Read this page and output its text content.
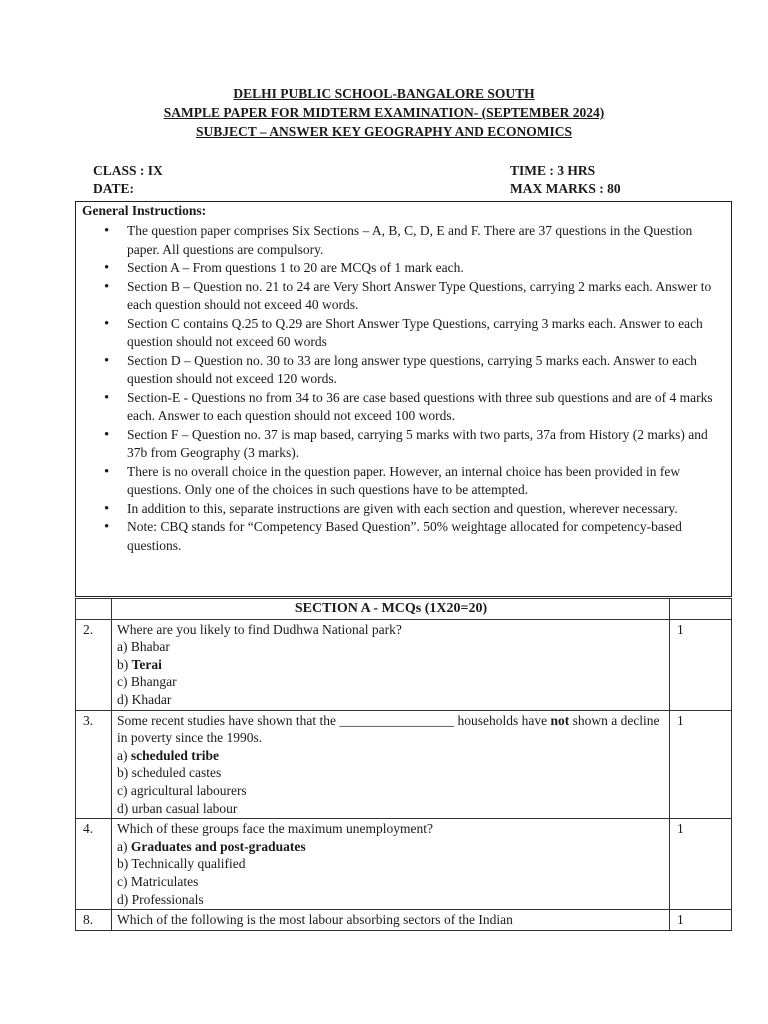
DELHI PUBLIC SCHOOL-BANGALORE SOUTH
SAMPLE PAPER FOR MIDTERM EXAMINATION- (SEPTEMBER 2024)
SUBJECT – ANSWER KEY GEOGRAPHY AND ECONOMICS
CLASS : IX
DATE:
TIME : 3 HRS
MAX MARKS : 80
General Instructions:
• The question paper comprises Six Sections – A, B, C, D, E and F. There are 37 questions in the Question paper. All questions are compulsory.
• Section A – From questions 1 to 20 are MCQs of 1 mark each.
• Section B – Question no. 21 to 24 are Very Short Answer Type Questions, carrying 2 marks each. Answer to each question should not exceed 40 words.
• Section C contains Q.25 to Q.29 are Short Answer Type Questions, carrying 3 marks each. Answer to each question should not exceed 60 words
• Section D – Question no. 30 to 33 are long answer type questions, carrying 5 marks each. Answer to each question should not exceed 120 words.
• Section-E - Questions no from 34 to 36 are case based questions with three sub questions and are of 4 marks each. Answer to each question should not exceed 100 words.
• Section F – Question no. 37 is map based, carrying 5 marks with two parts, 37a from History (2 marks) and 37b from Geography (3 marks).
• There is no overall choice in the question paper. However, an internal choice has been provided in few questions. Only one of the choices in such questions have to be attempted.
• In addition to this, separate instructions are given with each section and question, wherever necessary.
• Note: CBQ stands for “Competency Based Question”. 50% weightage allocated for competency-based questions.
	SECTION A - MCQs (1X20=20)	
2.	Where are you likely to find Dudhwa National park?
a) Bhabar
b) Terai
c) Bhangar
d) Khadar	1
3.	Some recent studies have shown that the _________________ households have not shown a decline in poverty since the 1990s.
a) scheduled tribe
b) scheduled castes
c) agricultural labourers
d) urban casual labour	1
4.	Which of these groups face the maximum unemployment?
a) Graduates and post-graduates
b) Technically qualified
c) Matriculates
d) Professionals	1
8.	Which of the following is the most labour absorbing sectors of the Indian	1
